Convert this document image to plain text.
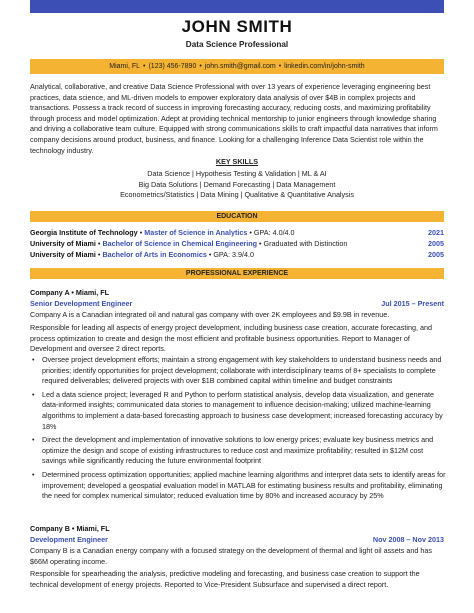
JOHN SMITH
Data Science Professional
Miami, FL • (123) 456-7890 • john.smith@gmail.com • linkedin.com/in/john-smith
Analytical, collaborative, and creative Data Science Professional with over 13 years of experience leveraging engineering best practices, data science, and ML-driven models to empower exploratory data analysis of over $4B in complex projects and transactions. Possess a track record of success in improving forecasting accuracy, reducing costs, and maximizing profitability through process and model optimization. Adept at providing technical mentorship to junior engineers through knowledge sharing and driving a collaborative team culture. Equipped with strong communications skills to craft impactful data narratives that inform company decisions around product, business, and finance. Looking for a challenging Inference Data Scientist role within the technology industry.
KEY SKILLS
Data Science | Hypothesis Testing & Validation | ML & AI
Big Data Solutions | Demand Forecasting | Data Management
Econometrics/Statistics | Data Mining | Qualitative & Quantitative Analysis
EDUCATION
Georgia Institute of Technology • Master of Science in Analytics • GPA: 4.0/4.0	2021
University of Miami • Bachelor of Science in Chemical Engineering • Graduated with Distinction	2005
University of Miami • Bachelor of Arts in Economics • GPA: 3.9/4.0	2005
PROFESSIONAL EXPERIENCE
Company A • Miami, FL
Senior Development Engineer	Jul 2015 – Present
Company A is a Canadian integrated oil and natural gas company with over 2K employees and $9.9B in revenue.
Responsible for leading all aspects of energy project development, including business case creation, accurate forecasting, and process optimization to create and design the most efficient and profitable business opportunities. Report to Manager of Development and oversee 2 direct reports.
• Oversee project development efforts; maintain a strong engagement with key stakeholders to understand business needs and priorities; identify opportunities for project development; collaborate with interdisciplinary teams of 8+ specialists to complete required deliverables; delivered projects with over $1B combined capital within timeline and budget constraints
• Led a data science project; leveraged R and Python to perform statistical analysis, develop data visualization, and generate data-informed insights; communicated data stories to management to influence decision-making; utilized machine-learning algorithms to implement a data-based forecasting approach to business case development; increased forecasting accuracy by 18%
• Direct the development and implementation of innovative solutions to low energy prices; evaluate key business metrics and optimize the design and scope of existing infrastructures to reduce cost and maximize profitability; resulted in $12M cost savings while significantly reducing the future environmental footprint
• Determined process optimization opportunities; applied machine learning algorithms and interpret data sets to identify areas for improvement; developed a geospatial evaluation model in MATLAB for estimating business results and profitability, eliminating the need for complex numerical simulator; reduced evaluation time by 80% and increased accuracy by 25%
Company B • Miami, FL
Development Engineer	Nov 2008 – Nov 2013
Company B is a Canadian energy company with a focused strategy on the development of thermal and light oil assets and has $66M operating income.
Responsible for spearheading the analysis, predictive modeling and forecasting, and business case creation to support the technical development of energy projects. Reported to Vice-President Subsurface and supervised a direct report.
